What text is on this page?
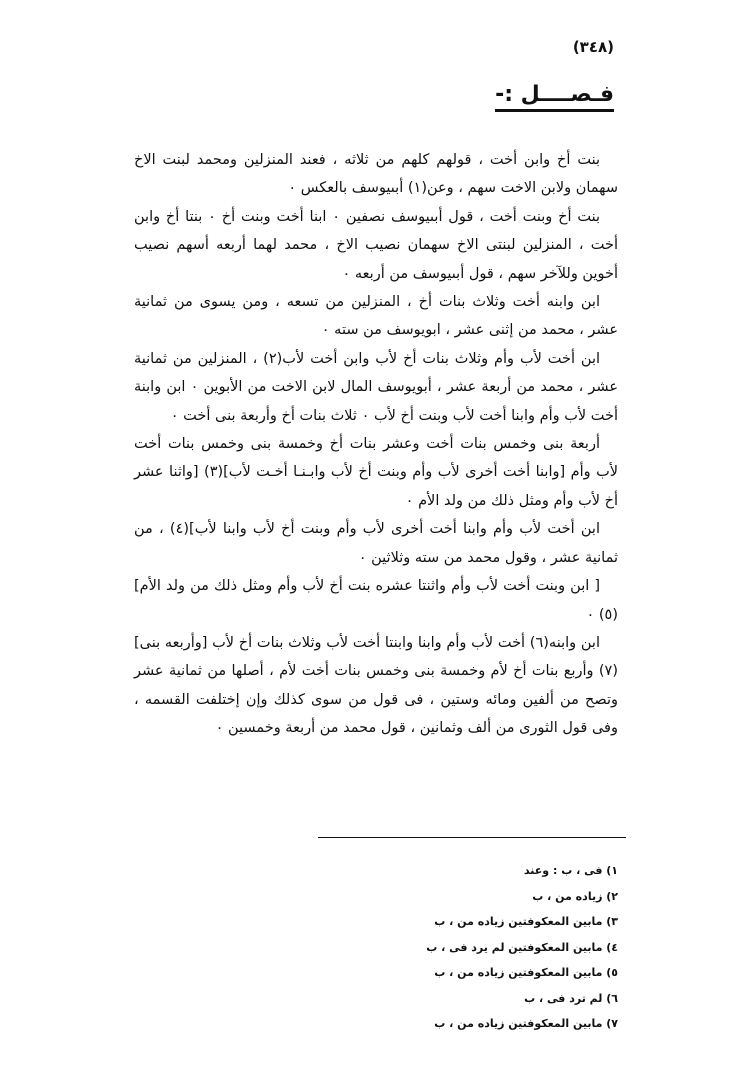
(٣٤٨)
فـصــــل :-

بنت أخ وابن أخت ، قولهم كلهم من ثلاثه ، فعند المنزلين ومحمد لبنت الاخ سهمان ولابن الاخت سهم ، وعن(١) أبىيوسف بالعكس ٠

بنت أخ وبنت أخت ، قول أبىيوسف نصفين ٠ ابنا أخت وبنت أخ ٠ بنتا أخ وابن أخت ، المنزلين لبنتى الاخ سهمان نصيب الاخ ، محمد لهما أربعه أسهم نصيب أخوين وللآخر سهم ، قول أبىيوسف من أربعه ٠

ابن وابنه أخت وثلاث بنات أخ ، المنزلين من تسعه ، ومن يسوى من ثمانية عشر ، محمد من إثنى عشر ، ابويوسف من سته ٠

ابن أخت لأب وأم وثلاث بنات أخ لأب وابن أخت لأب(٢) ، المنزلين من ثمانية عشر ، محمد من أربعة عشر ، أبويوسف المال لابن الاخت من الأبوين ٠ ابن وابنة أخت لأب وأم وابنا أخت لأب وبنت أخ لأب ٠ ثلاث بنات أخ وأربعة بنى أخت ٠

أربعة بنى وخمس بنات أخت وعشر بنات أخ وخمسة بنى وخمس بنات أخت لأب وأم [وابنا أخت أخرى لأب وأم وبنت أخ لأب وابـنـا أخـت لأب](٣) [واثنا عشر أخ لأب وأم ومثل ذلك من ولد الأم ٠

ابن أخت لأب وأم وابنا أخت أخرى لأب وأم وبنت أخ لأب وابنا لأب](٤) ، من ثمانية عشر ، وقول محمد من سته وثلاثين ٠

[ ابن وبنت أخت لأب وأم واثنتا عشره بنت أخ لأب وأم ومثل ذلك من ولد الأم](٥) ٠

ابن وابنه(٦) أخت لأب وأم وابنا وابنتا أخت لأب وثلاث بنات أخ لأب [وأربعه بنى](٧) وأربع بنات أخ لأم وخمسة بنى وخمس بنات أخت لأم ، أصلها من ثمانية عشر وتصح من ألفين ومائه وستين ، فى قول من سوى كذلك وإن إختلفت القسمه ، وفى قول الثورى من ألف وثمانين ، قول محمد من أربعة وخمسين ٠

١) فى ، ب : وعند
٢) زياده من ، ب
٣) مابين المعكوفتين زياده من ، ب
٤) مابين المعكوفتين لم يرد فى ، ب
٥) مابين المعكوفتين زياده من ، ب
٦) لم ترد فى ، ب
٧) مابين المعكوفتين زياده من ، ب
